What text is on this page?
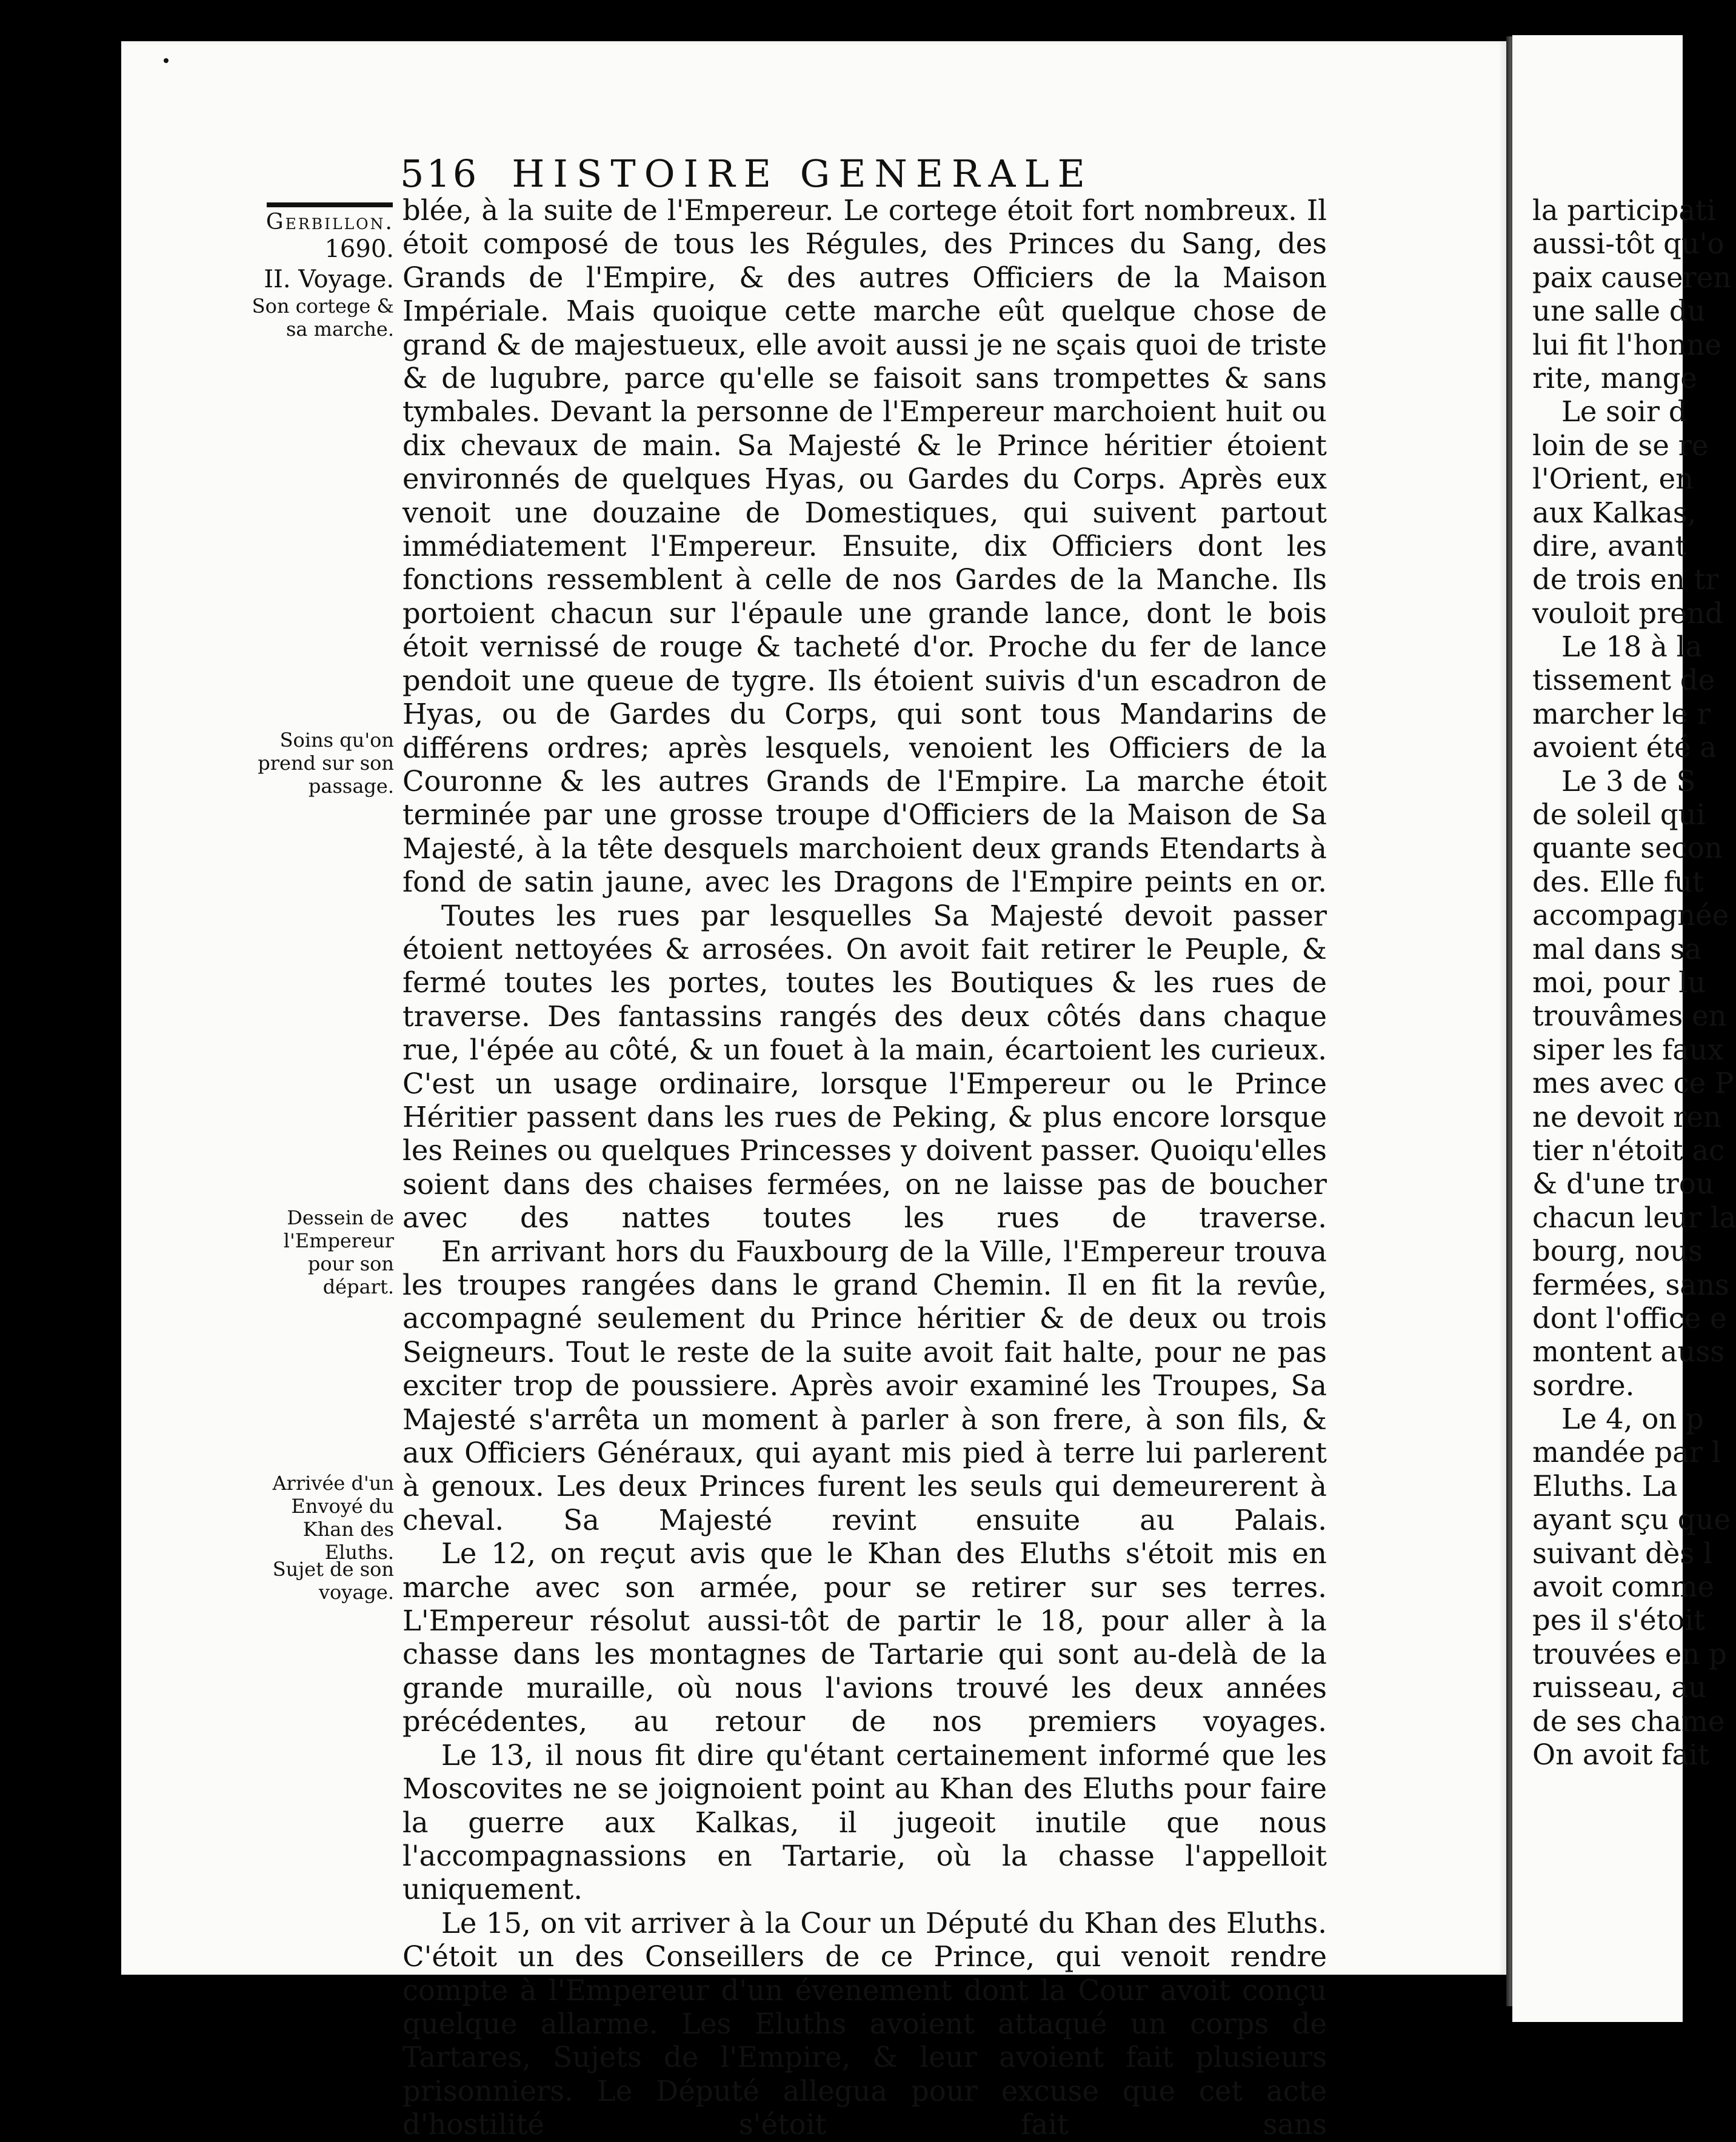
516 HISTOIRE GENERALE
Gerbillon.
1690.
II. Voyage.
Son cortege & sa marche.
Soins qu'on prend sur son passage.
Dessein de l'Empereur pour son départ.
Arrivée d'un Envoyé du Khan des Eluths.
Sujet de son voyage.

blée, à la suite de l'Empereur. Le cortege étoit fort nombreux. Il étoit composé de tous les Régules, des Princes du Sang, des Grands de l'Empire, & des autres Officiers de la Maison Impériale. Mais quoique cette marche eût quelque chose de grand & de majestueux, elle avoit aussi je ne sçais quoi de triste & de lugubre, parce qu'elle se faisoit sans trompettes & sans tymbales. Devant la personne de l'Empereur marchoient huit ou dix chevaux de main. Sa Majesté & le Prince héritier étoient environnés de quelques Hyas, ou Gardes du Corps. Après eux venoit une douzaine de Domestiques, qui suivent partout immédiatement l'Empereur. Ensuite, dix Officiers dont les fonctions ressemblent à celle de nos Gardes de la Manche. Ils portoient chacun sur l'épaule une grande lance, dont le bois étoit vernissé de rouge & tacheté d'or. Proche du fer de lance pendoit une queue de tygre. Ils étoient suivis d'un escadron de Hyas, ou de Gardes du Corps, qui sont tous Mandarins de différens ordres; après lesquels, venoient les Officiers de la Couronne & les autres Grands de l'Empire. La marche étoit terminée par une grosse troupe d'Officiers de la Maison de Sa Majesté, à la tête desquels marchoient deux grands Etendarts à fond de satin jaune, avec les Dragons de l'Empire peints en or.

Toutes les rues par lesquelles Sa Majesté devoit passer étoient nettoyées & arrosées. On avoit fait retirer le Peuple, & fermé toutes les portes, toutes les Boutiques & les rues de traverse. Des fantassins rangés des deux côtés dans chaque rue, l'épée au côté, & un fouet à la main, écartoient les curieux. C'est un usage ordinaire, lorsque l'Empereur ou le Prince Héritier passent dans les rues de Peking, & plus encore lorsque les Reines ou quelques Princesses y doivent passer. Quoiqu'elles soient dans des chaises fermées, on ne laisse pas de boucher avec des nattes toutes les rues de traverse.

En arrivant hors du Fauxbourg de la Ville, l'Empereur trouva les troupes rangées dans le grand Chemin. Il en fit la revûe, accompagné seulement du Prince héritier & de deux ou trois Seigneurs. Tout le reste de la suite avoit fait halte, pour ne pas exciter trop de poussiere. Après avoir examiné les Troupes, Sa Majesté s'arrêta un moment à parler à son frere, à son fils, & aux Officiers Généraux, qui ayant mis pied à terre lui parlerent à genoux. Les deux Princes furent les seuls qui demeurerent à cheval. Sa Majesté revint ensuite au Palais.

Le 12, on reçut avis que le Khan des Eluths s'étoit mis en marche avec son armée, pour se retirer sur ses terres. L'Empereur résolut aussi-tôt de partir le 18, pour aller à la chasse dans les montagnes de Tartarie qui sont au-delà de la grande muraille, où nous l'avions trouvé les deux années précédentes, au retour de nos premiers voyages.

Le 13, il nous fit dire qu'étant certainement informé que les Moscovites ne se joignoient point au Khan des Eluths pour faire la guerre aux Kalkas, il jugeoit inutile que nous l'accompagnassions en Tartarie, où la chasse l'appelloit uniquement.

Le 15, on vit arriver à la Cour un Député du Khan des Eluths. C'étoit un des Conseillers de ce Prince, qui venoit rendre compte à l'Empereur d'un évenement dont la Cour avoit conçu quelque allarme. Les Eluths avoient attaqué un corps de Tartares, Sujets de l'Empire, & leur avoient fait plusieurs prisonniers. Le Député allegua pour excuse que cet acte d'hostilité s'étoit fait sans

la participati
aussi-tôt qu'o
paix causeren
une salle du
lui fit l'honne
rite, mange
Le soir d
loin de se re
l'Orient, en
aux Kalkas,
dire, avant
de trois en tr
vouloit prend
Le 18 à la
tissement de
marcher le r
avoient été a
Le 3 de S
de soleil qui
quante secon
des. Elle fut
accompagnée
mal dans sa
moi, pour lu
trouvâmes en
siper les faux
mes avec ce P
ne devoit ren
tier n'étoit ac
& d'une trou
chacun leur la
bourg, nous
fermées, sans
dont l'office e
montent auss
sordre.
Le 4, on p
mandée par l
Eluths. La
ayant sçu que
suivant dès l
avoit comme
pes il s'étoit
trouvées en p
ruisseau, au
de ses chame
On avoit fait
